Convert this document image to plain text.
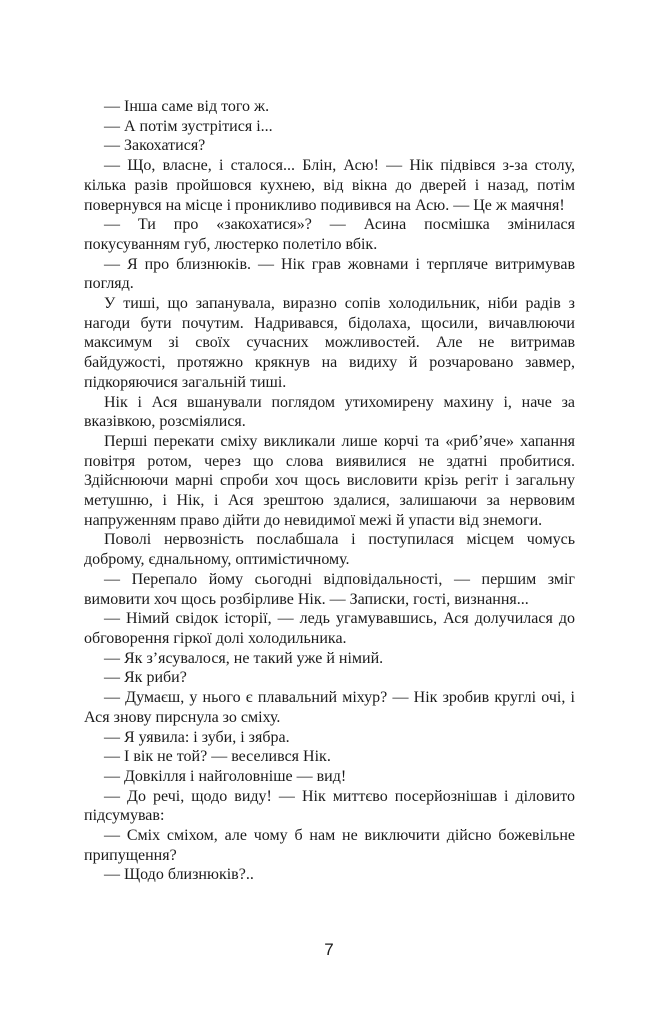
— Інша саме від того ж.

— А потім зустрітися і...

— Закохатися?

— Що, власне, і сталося... Блін, Асю! — Нік підвівся з-за столу, кілька разів пройшовся кухнею, від вікна до дверей і назад, потім повернувся на місце і проникливо подивився на Асю. — Це ж маячня!

— Ти про «закохатися»? — Асина посмішка змінилася покусуванням губ, люстерко полетіло вбік.

— Я про близнюків. — Нік грав жовнами і терпляче витримував погляд.

У тиші, що запанувала, виразно сопів холодильник, ніби радів з нагоди бути почутим. Надривався, бідолаха, щосили, вичавлюючи максимум зі своїх сучасних можливостей. Але не витримав байдужості, протяжно крякнув на видиху й розчаровано завмер, підкоряючися загальній тиші.

Нік і Ася вшанували поглядом утихомирену махину і, наче за вказівкою, розсміялися.

Перші перекати сміху викликали лише корчі та «риб’яче» хапання повітря ротом, через що слова виявилися не здатні пробитися. Здійснюючи марні спроби хоч щось висловити крізь регіт і загальну метушню, і Нік, і Ася зрештою здалися, залишаючи за нервовим напруженням право дійти до невидимої межі й упасти від знемоги.

Поволі нервозність послабшала і поступилася місцем чомусь доброму, єднальному, оптимістичному.

— Перепало йому сьогодні відповідальності, — першим зміг вимовити хоч щось розбірливе Нік. — Записки, гості, визнання...

— Німий свідок історії, — ледь угамувавшись, Ася долучилася до обговорення гіркої долі холодильника.

— Як з’ясувалося, не такий уже й німий.

— Як риби?

— Думаєш, у нього є плавальний міхур? — Нік зробив круглі очі, і Ася знову пирснула зо сміху.

— Я уявила: і зуби, і зябра.

— І вік не той? — веселився Нік.

— Довкілля і найголовніше — вид!

— До речі, щодо виду! — Нік миттєво посерйознішав і діловито підсумував:

— Сміх сміхом, але чому б нам не виключити дійсно божевільне припущення?

— Щодо близнюків?..

7
